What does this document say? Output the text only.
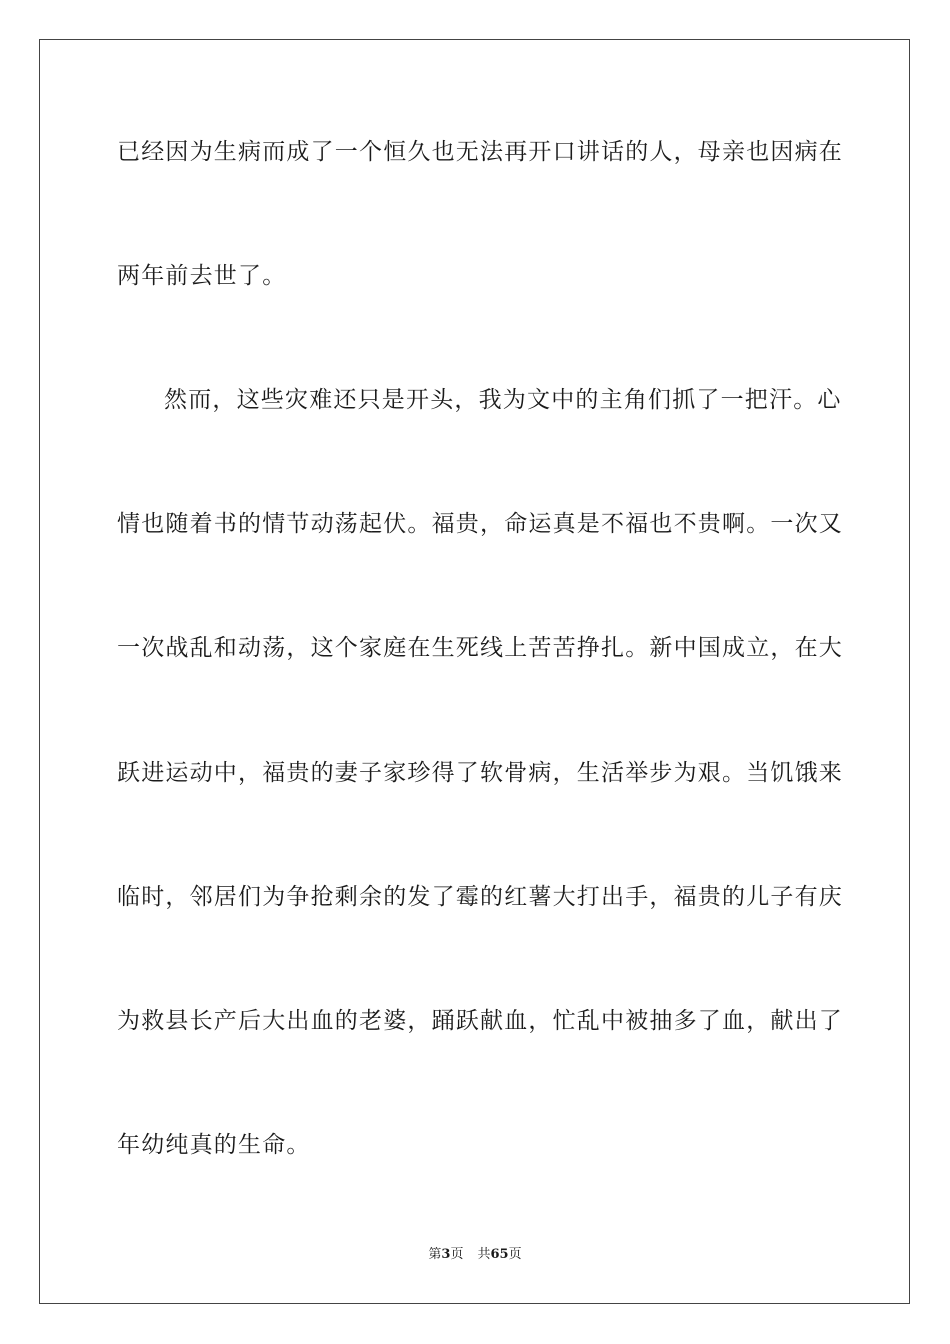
已经因为生病而成了一个恒久也无法再开口讲话的人，母亲也因病在
两年前去世了。
然而，这些灾难还只是开头，我为文中的主角们抓了一把汗。心
情也随着书的情节动荡起伏。福贵，命运真是不福也不贵啊。一次又
一次战乱和动荡，这个家庭在生死线上苦苦挣扎。新中国成立，在大
跃进运动中，福贵的妻子家珍得了软骨病，生活举步为艰。当饥饿来
临时，邻居们为争抢剩余的发了霉的红薯大打出手，福贵的儿子有庆
为救县长产后大出血的老婆，踊跃献血，忙乱中被抽多了血，献出了
年幼纯真的生命。
第3页 共65页
